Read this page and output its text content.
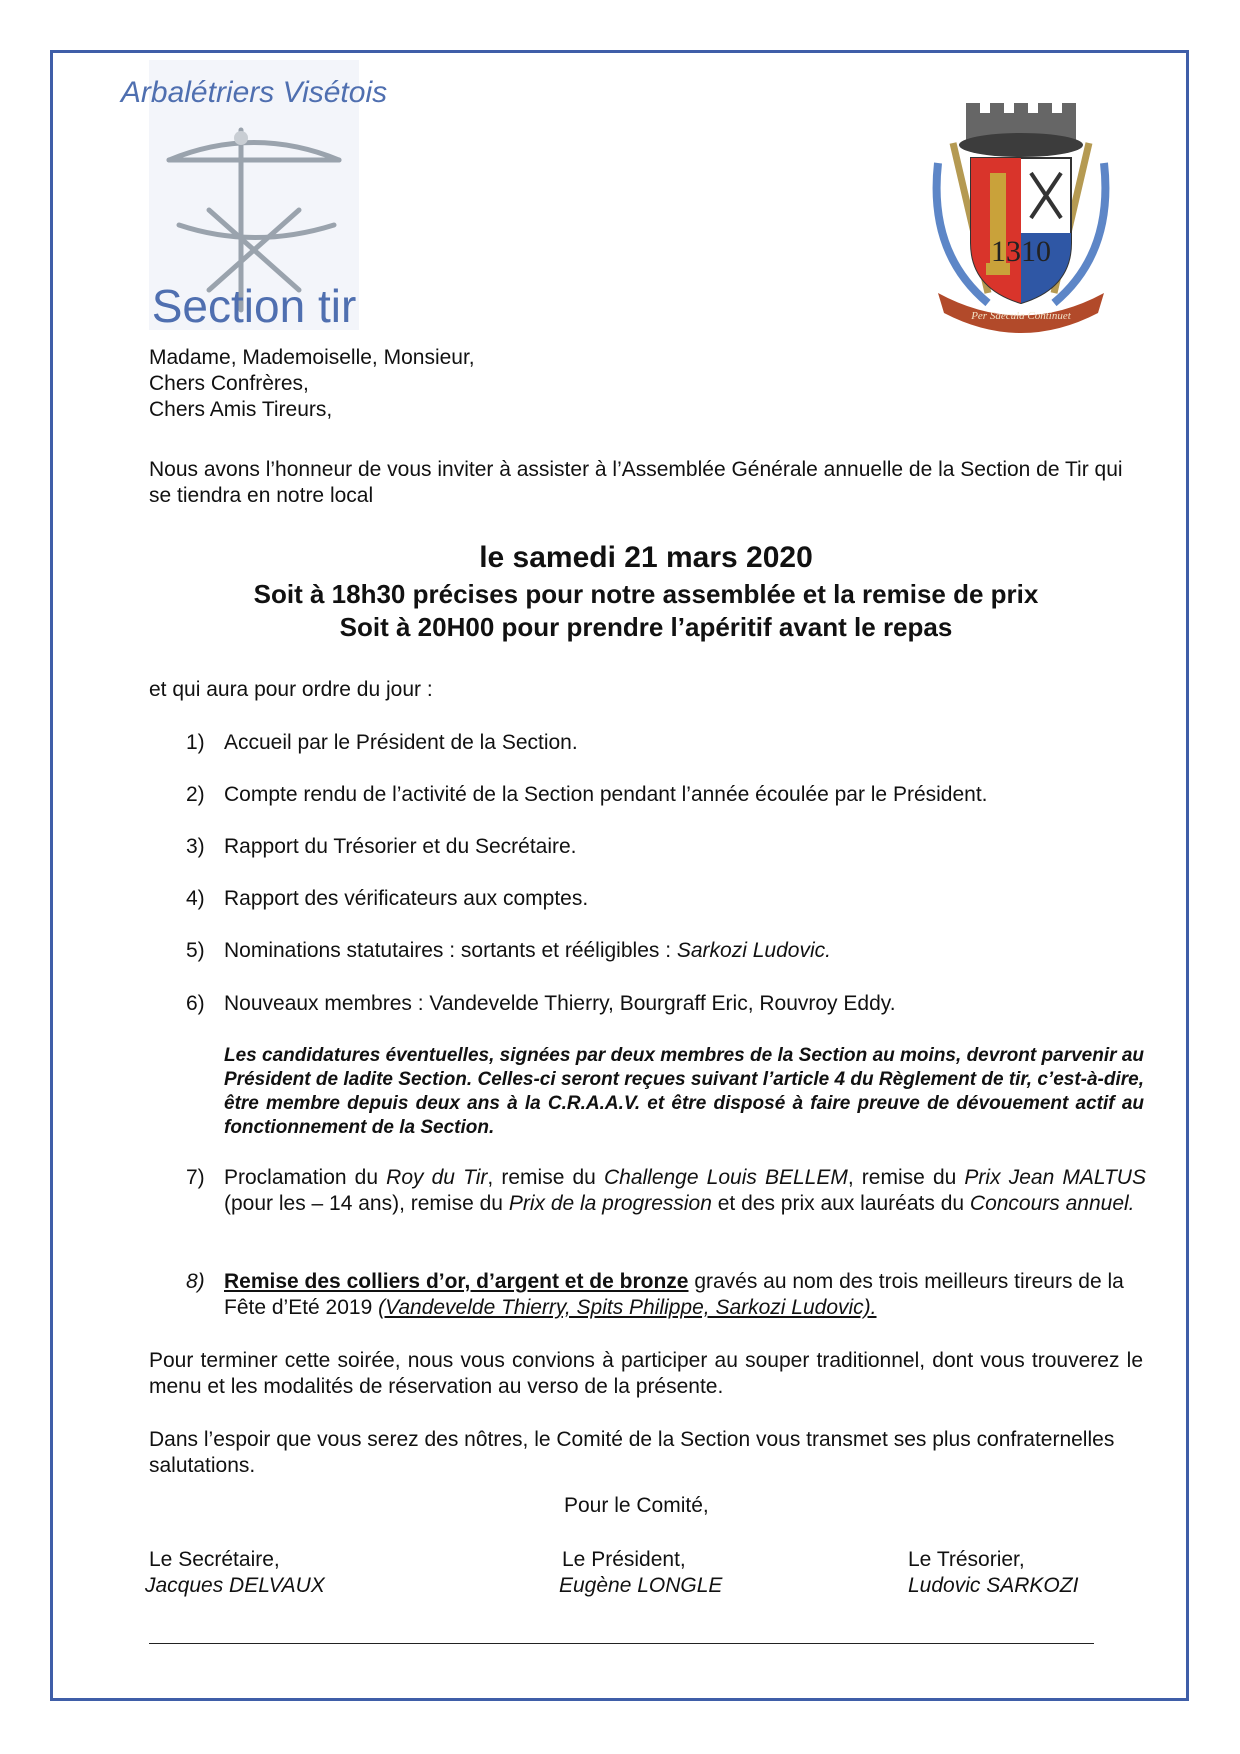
Arbalétriers Visétois
Section tir
1310
Per Saecula Continuet
Madame, Mademoiselle, Monsieur,
Chers Confrères,
Chers Amis Tireurs,
Nous avons l’honneur de vous inviter à assister à l’Assemblée Générale annuelle de la Section de Tir qui se tiendra en notre local
le samedi 21 mars 2020
Soit à 18h30 précises pour notre assemblée et la remise de prix
Soit à 20H00 pour prendre l’apéritif avant le repas
et qui aura pour ordre du jour :
1) Accueil par le Président de la Section.
2) Compte rendu de l’activité de la Section pendant l’année écoulée par le Président.
3) Rapport du Trésorier et du Secrétaire.
4) Rapport des vérificateurs aux comptes.
5) Nominations statutaires : sortants et rééligibles : Sarkozi Ludovic.
6) Nouveaux membres : Vandevelde Thierry, Bourgraff Eric, Rouvroy Eddy.
Les candidatures éventuelles, signées par deux membres de la Section au moins, devront parvenir au Président de ladite Section. Celles-ci seront reçues suivant l’article 4 du Règlement de tir, c’est-à-dire, être membre depuis deux ans à la C.R.A.A.V. et être disposé à faire preuve de dévouement actif au fonctionnement de la Section.
7) Proclamation du Roy du Tir, remise du Challenge Louis BELLEM, remise du Prix Jean MALTUS (pour les – 14 ans), remise du Prix de la progression et des prix aux lauréats du Concours annuel.
8) Remise des colliers d’or, d’argent et de bronze gravés au nom des trois meilleurs tireurs de la Fête d’Eté 2019 (Vandevelde Thierry, Spits Philippe, Sarkozi Ludovic).
Pour terminer cette soirée, nous vous convions à participer au souper traditionnel, dont vous trouverez le menu et les modalités de réservation au verso de la présente.
Dans l’espoir que vous serez des nôtres, le Comité de la Section vous transmet ses plus confraternelles salutations.
Pour le Comité,
Le Secrétaire,
Jacques DELVAUX
Le Président,
Eugène LONGLE
Le Trésorier,
Ludovic SARKOZI
